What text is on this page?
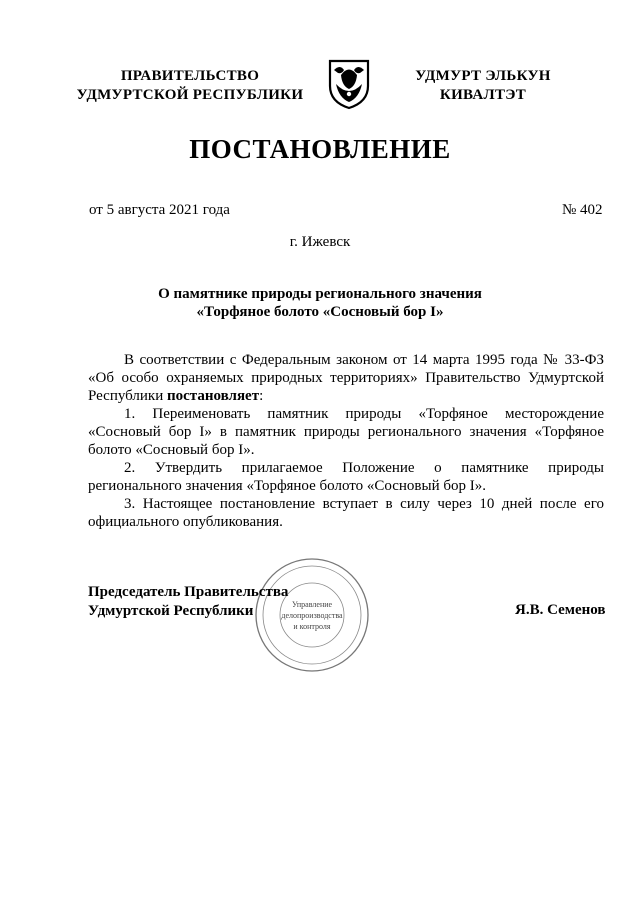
ПРАВИТЕЛЬСТВО
УДМУРТСКОЙ РЕСПУБЛИКИ
УДМУРТ ЭЛЬКУН
КИВАЛТЭТ
ПОСТАНОВЛЕНИЕ
от 5 августа 2021 года	№ 402
г. Ижевск
О памятнике природы регионального значения
«Торфяное болото «Сосновый бор I»

В соответствии с Федеральным законом от 14 марта 1995 года № 33-ФЗ «Об особо охраняемых природных территориях» Правительство Удмуртской Республики постановляет:

1. Переименовать памятник природы «Торфяное месторождение «Сосновый бор I» в памятник природы регионального значения «Торфяное болото «Сосновый бор I».

2. Утвердить прилагаемое Положение о памятнике природы регионального значения «Торфяное болото «Сосновый бор I».

3. Настоящее постановление вступает в силу через 10 дней после его официального опубликования.

Управление
делопроизводства
и контроля
Председатель Правительства
Удмуртской Республики	Я.В. Семенов
